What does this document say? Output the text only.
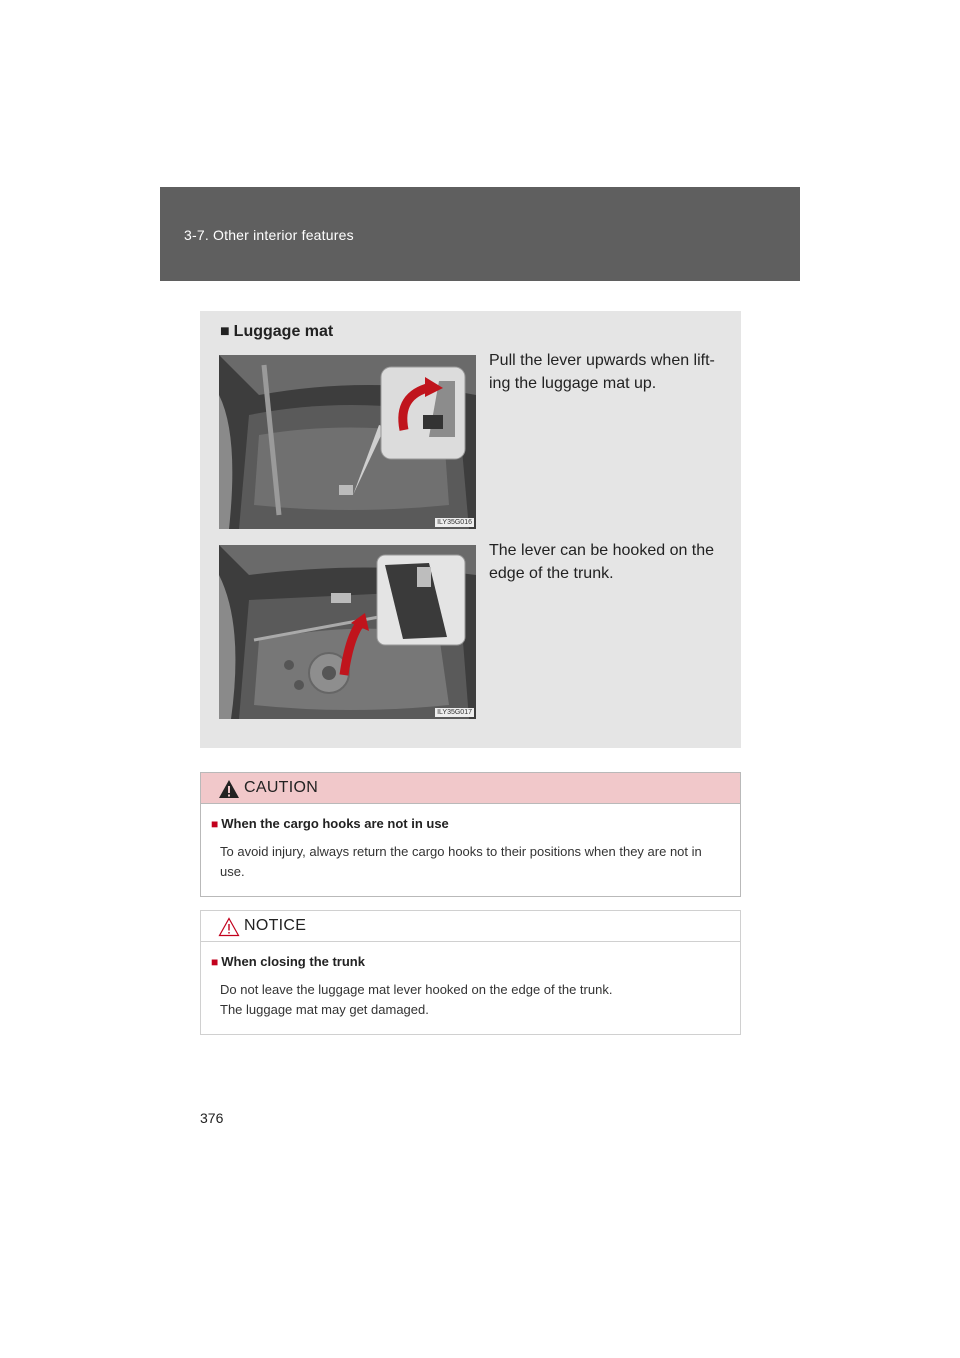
3-7. Other interior features
■ Luggage mat
ILY35G016
Pull the lever upwards when lift-
ing the luggage mat up.
ILY35G017
The lever can be hooked on the
edge of the trunk.
CAUTION
■ When the cargo hooks are not in use
To avoid injury, always return the cargo hooks to their positions when they are not in
use.
NOTICE
■ When closing the trunk
Do not leave the luggage mat lever hooked on the edge of the trunk.
The luggage mat may get damaged.
376
